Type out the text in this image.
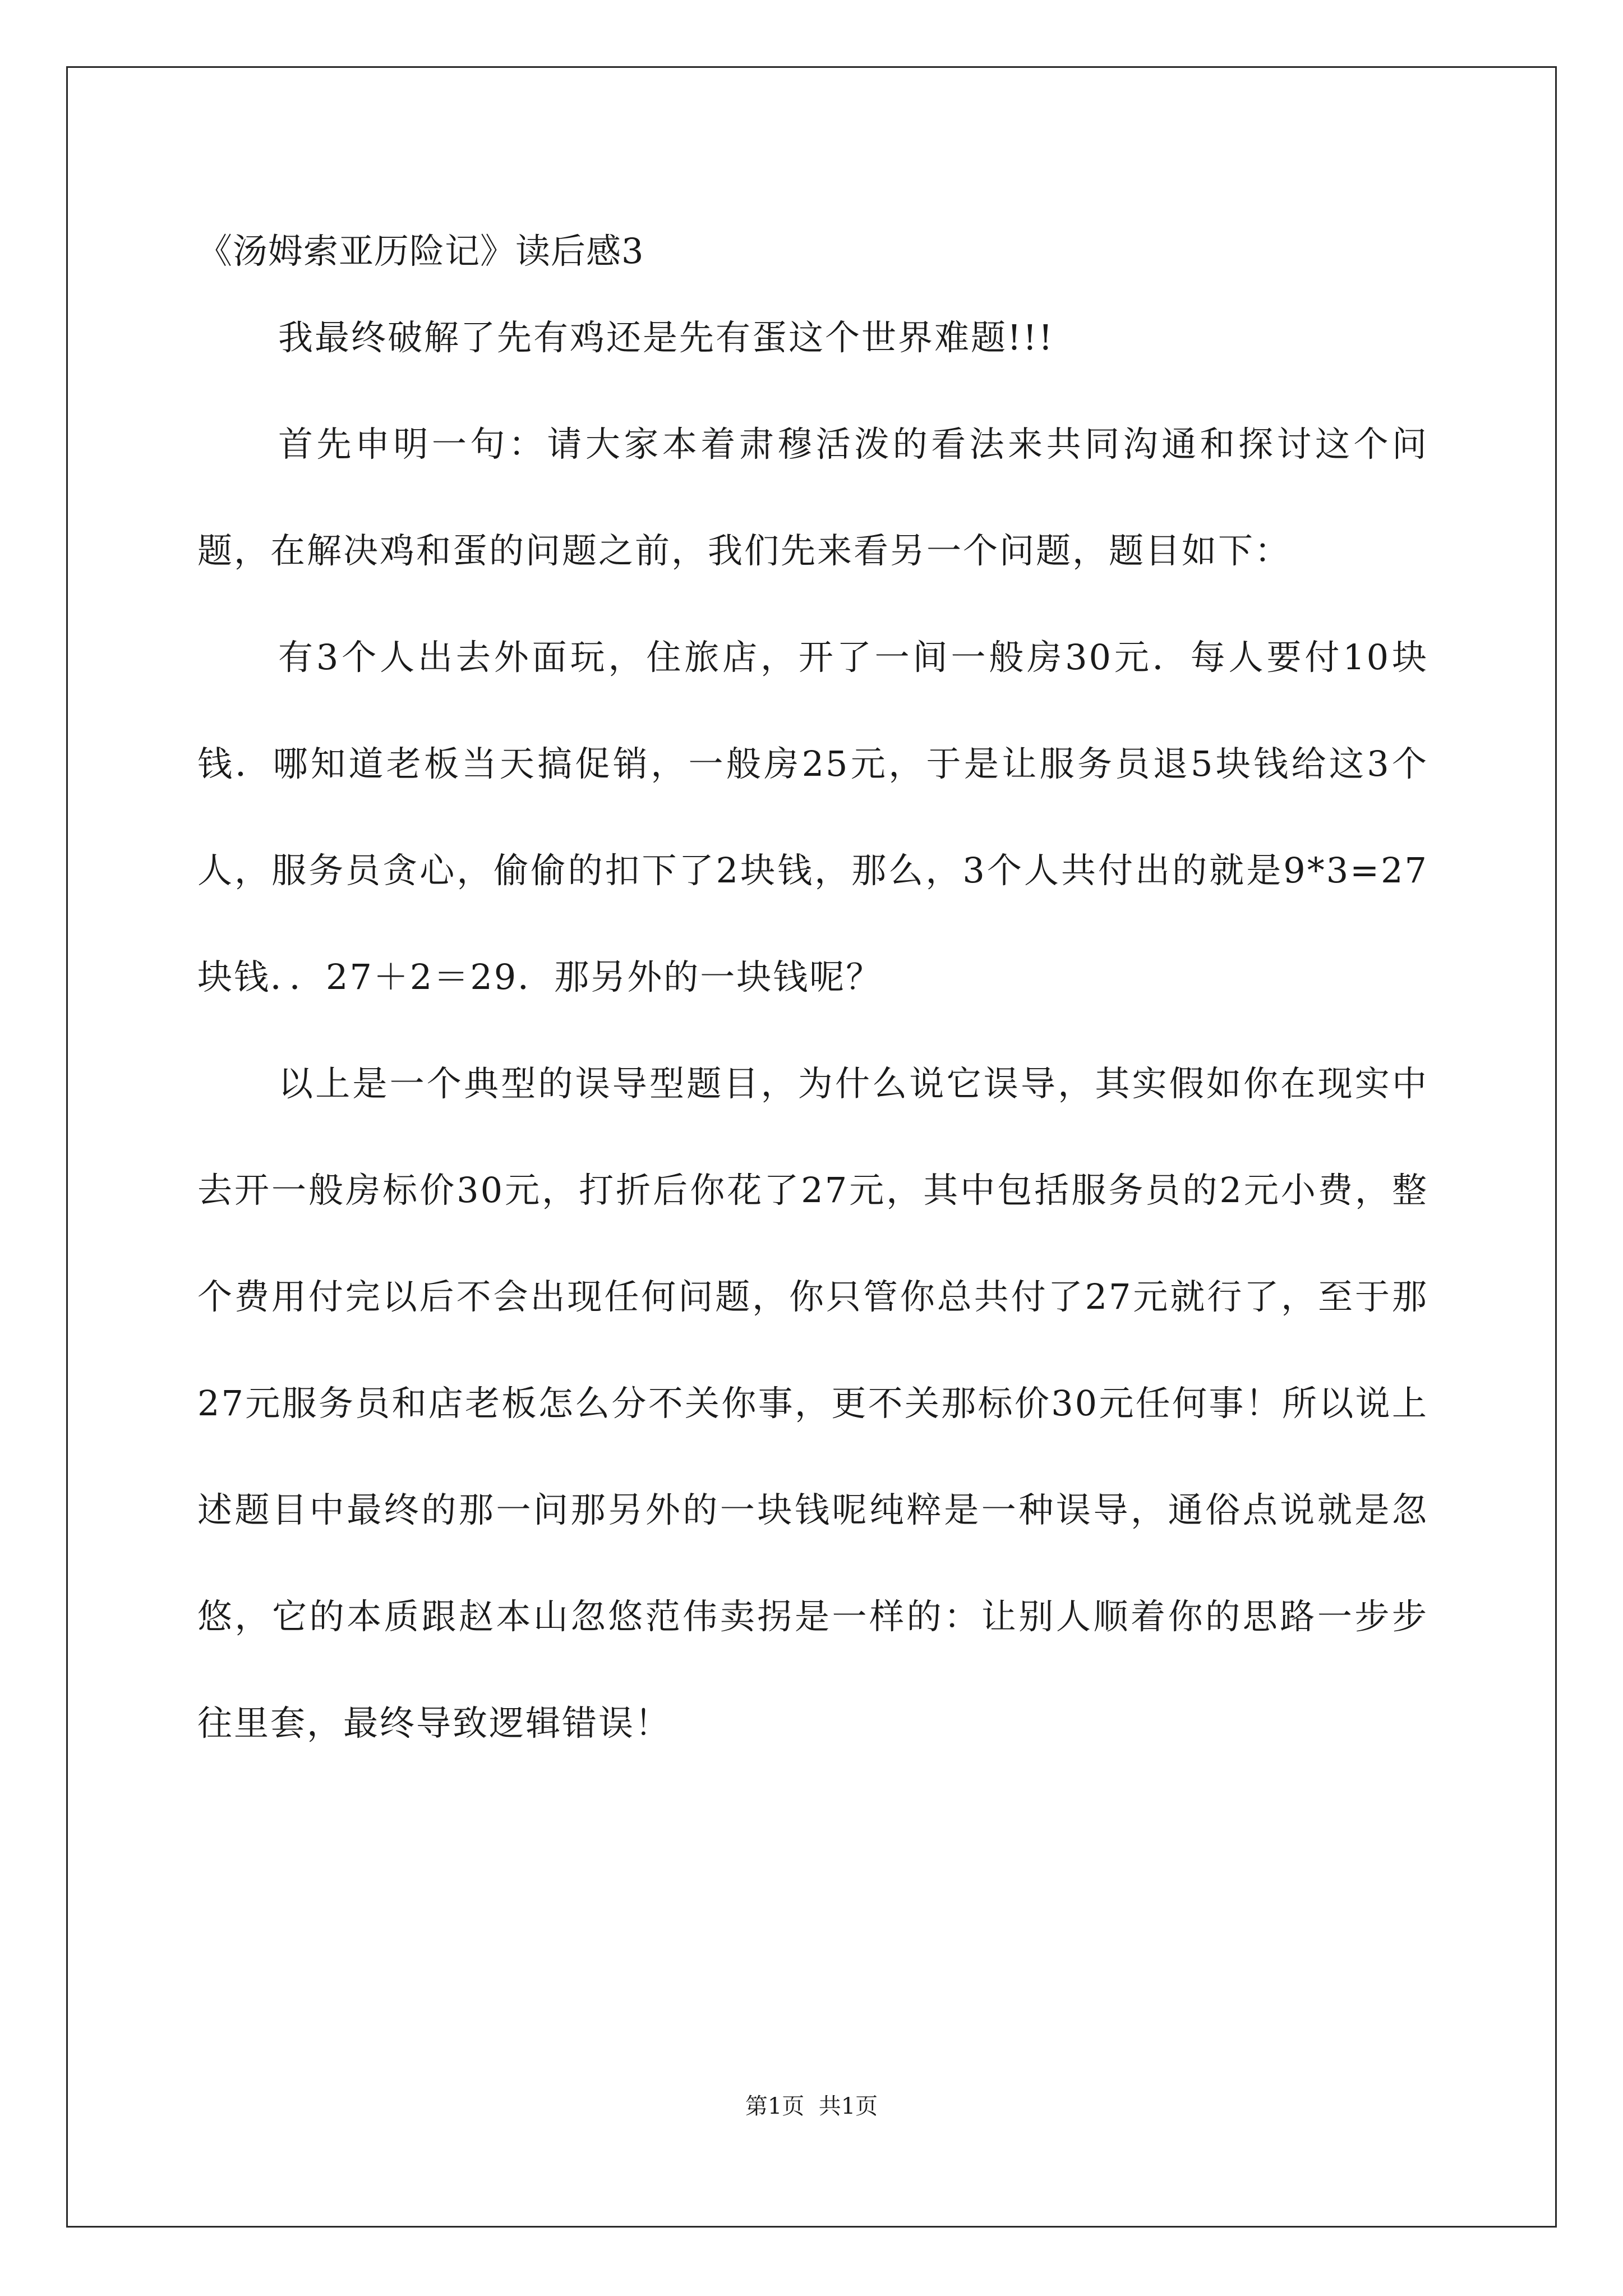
《汤姆索亚历险记》读后感3

我最终破解了先有鸡还是先有蛋这个世界难题!!!

首先申明一句：请大家本着肃穆活泼的看法来共同沟通和探讨这个问题，在解决鸡和蛋的问题之前，我们先来看另一个问题，题目如下：

有3个人出去外面玩，住旅店，开了一间一般房30元．每人要付10块钱．哪知道老板当天搞促销，一般房25元，于是让服务员退5块钱给这3个人，服务员贪心，偷偷的扣下了2块钱，那么，3个人共付出的就是9*3=27块钱．．27＋2＝29．那另外的一块钱呢？

以上是一个典型的误导型题目，为什么说它误导，其实假如你在现实中去开一般房标价30元，打折后你花了27元，其中包括服务员的2元小费，整个费用付完以后不会出现任何问题，你只管你总共付了27元就行了，至于那27元服务员和店老板怎么分不关你事，更不关那标价30元任何事！所以说上述题目中最终的那一问那另外的一块钱呢纯粹是一种误导，通俗点说就是忽悠，它的本质跟赵本山忽悠范伟卖拐是一样的：让别人顺着你的思路一步步往里套，最终导致逻辑错误！

第1页  共1页
